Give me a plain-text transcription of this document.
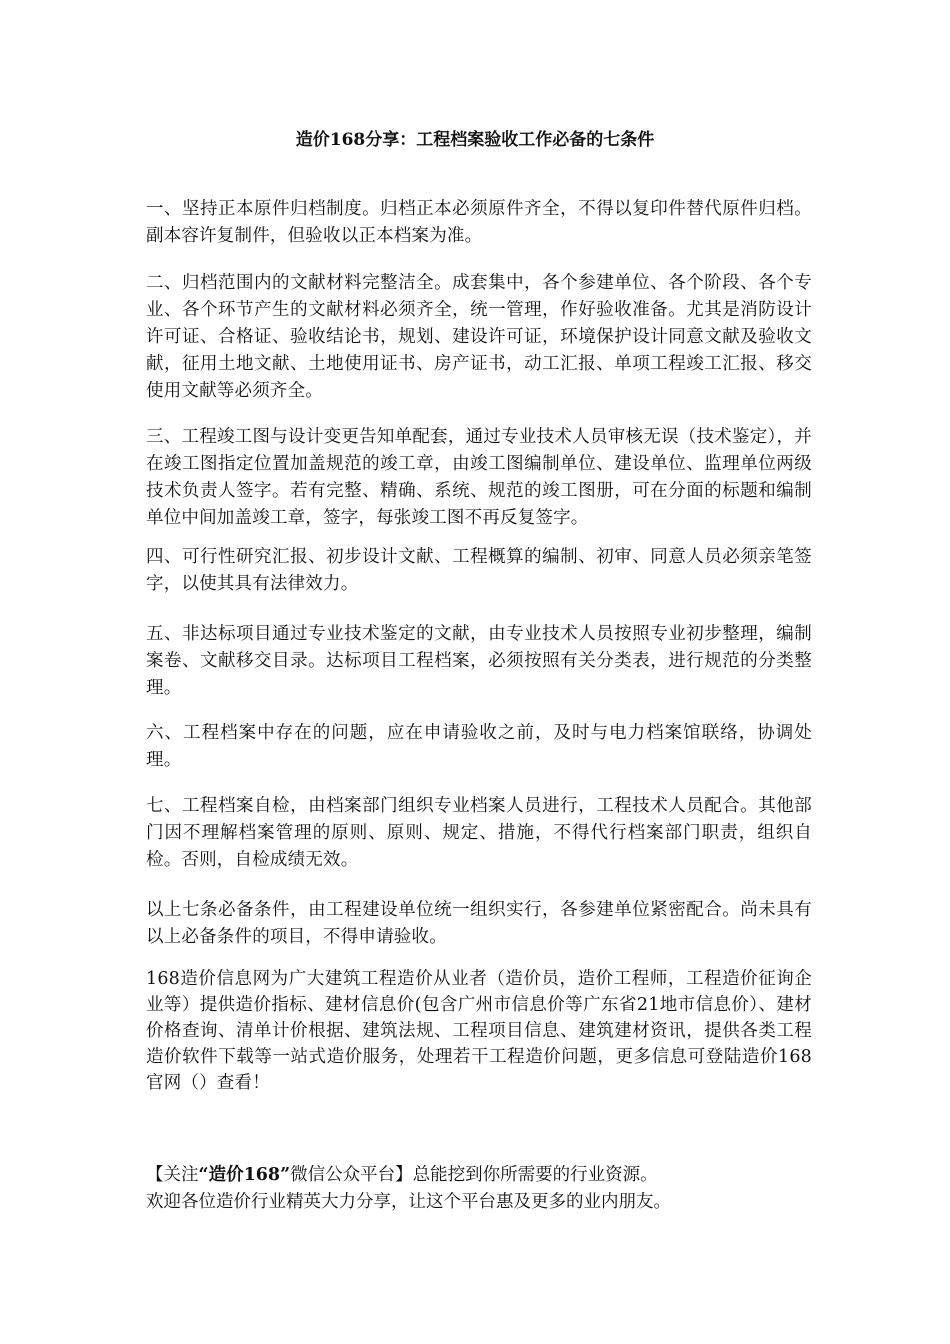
造价168分享：工程档案验收工作必备的七条件
一、坚持正本原件归档制度。归档正本必须原件齐全，不得以复印件替代原件归档。副本容许复制件，但验收以正本档案为准。
二、归档范围内的文献材料完整洁全。成套集中，各个参建单位、各个阶段、各个专业、各个环节产生的文献材料必须齐全，统一管理，作好验收准备。尤其是消防设计许可证、合格证、验收结论书，规划、建设许可证，环境保护设计同意文献及验收文献，征用土地文献、土地使用证书、房产证书，动工汇报、单项工程竣工汇报、移交使用文献等必须齐全。
三、工程竣工图与设计变更告知单配套，通过专业技术人员审核无误（技术鉴定），并在竣工图指定位置加盖规范的竣工章，由竣工图编制单位、建设单位、监理单位两级技术负责人签字。若有完整、精确、系统、规范的竣工图册，可在分面的标题和编制单位中间加盖竣工章，签字，每张竣工图不再反复签字。
四、可行性研究汇报、初步设计文献、工程概算的编制、初审、同意人员必须亲笔签字，以使其具有法律效力。
五、非达标项目通过专业技术鉴定的文献，由专业技术人员按照专业初步整理，编制案卷、文献移交目录。达标项目工程档案，必须按照有关分类表，进行规范的分类整理。
六、工程档案中存在的问题，应在申请验收之前，及时与电力档案馆联络，协调处理。
七、工程档案自检，由档案部门组织专业档案人员进行，工程技术人员配合。其他部门因不理解档案管理的原则、原则、规定、措施，不得代行档案部门职责，组织自检。否则，自检成绩无效。
以上七条必备条件，由工程建设单位统一组织实行，各参建单位紧密配合。尚未具有以上必备条件的项目，不得申请验收。
168造价信息网为广大建筑工程造价从业者（造价员，造价工程师，工程造价征询企业等）提供造价指标、建材信息价(包含广州市信息价等广东省21地市信息价）、建材价格查询、清单计价根据、建筑法规、工程项目信息、建筑建材资讯，提供各类工程造价软件下载等一站式造价服务，处理若干工程造价问题，更多信息可登陆造价168官网（）查看！
【关注“造价168”微信公众平台】总能挖到你所需要的行业资源。
欢迎各位造价行业精英大力分享，让这个平台惠及更多的业内朋友。
